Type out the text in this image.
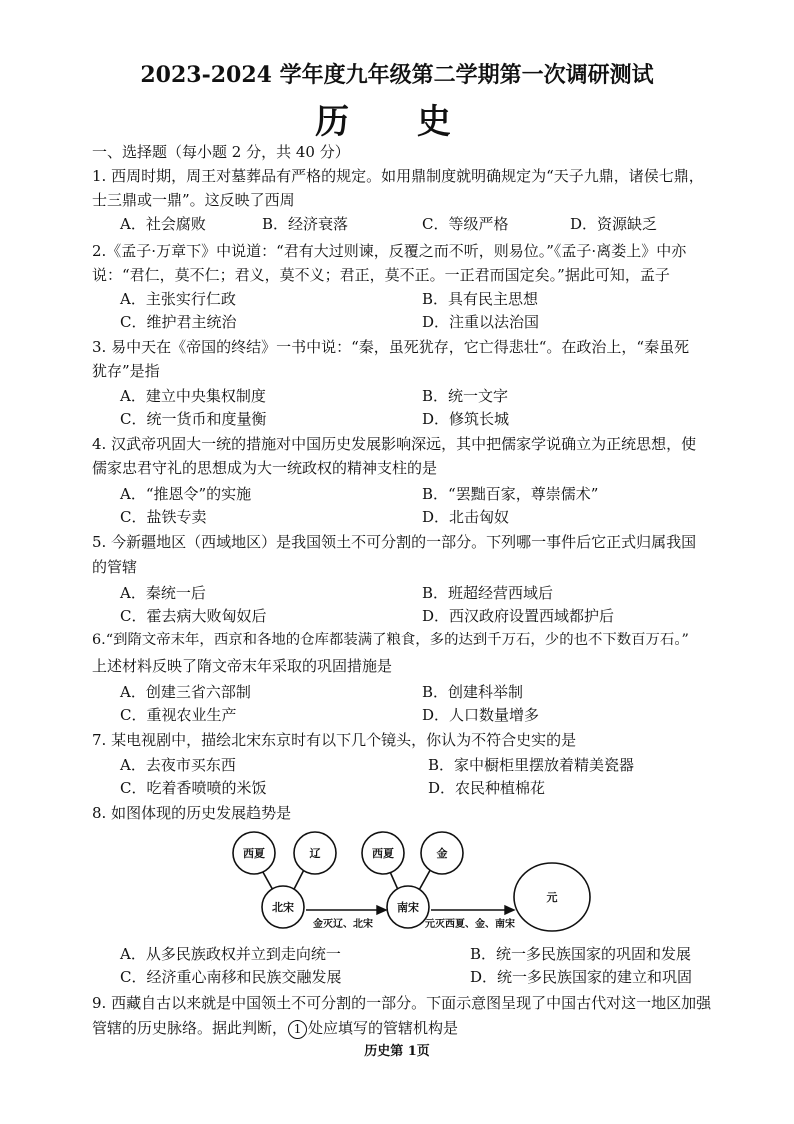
2023-2024 学年度九年级第二学期第一次调研测试
历 史
一、选择题（每小题 2 分，共 40 分）
1. 西周时期，周王对墓葬品有严格的规定。如用鼎制度就明确规定为“天子九鼎，诸侯七鼎，
士三鼎或一鼎”。这反映了西周
A．社会腐败	B．经济衰落	C．等级严格	D．资源缺乏
2.《孟子·万章下》中说道：“君有大过则谏，反覆之而不听，则易位。”《孟子·离娄上》中亦
说：“君仁，莫不仁；君义，莫不义；君正，莫不正。一正君而国定矣。”据此可知，孟子
A．主张实行仁政	B．具有民主思想
C．维护君主统治	D．注重以法治国
3. 易中天在《帝国的终结》一书中说：“秦，虽死犹存，它亡得悲壮“。在政治上，“秦虽死
犹存”是指
A．建立中央集权制度	B．统一文字
C．统一货币和度量衡	D．修筑长城
4. 汉武帝巩固大一统的措施对中国历史发展影响深远，其中把儒家学说确立为正统思想，使
儒家忠君守礼的思想成为大一统政权的精神支柱的是
A．“推恩令”的实施	B．“罢黜百家，尊崇儒术”
C．盐铁专卖	D．北击匈奴
5. 今新疆地区（西域地区）是我国领土不可分割的一部分。下列哪一事件后它正式归属我国
的管辖
A．秦统一后	B．班超经营西域后
C．霍去病大败匈奴后	D．西汉政府设置西域都护后
6.“到隋文帝末年，西京和各地的仓库都装满了粮食，多的达到千万石，少的也不下数百万石。”
上述材料反映了隋文帝末年采取的巩固措施是
A．创建三省六部制	B．创建科举制
C．重视农业生产	D．人口数量增多
7. 某电视剧中，描绘北宋东京时有以下几个镜头，你认为不符合史实的是
A．去夜市买东西	B．家中橱柜里摆放着精美瓷器
C．吃着香喷喷的米饭	D．农民种植棉花
8. 如图体现的历史发展趋势是
西夏	辽
北宋
西夏	金
南宋
元
金灭辽、北宋	元灭西夏、金、南宋
A．从多民族政权并立到走向统一	B．统一多民族国家的巩固和发展
C．经济重心南移和民族交融发展	D．统一多民族国家的建立和巩固
9. 西藏自古以来就是中国领土不可分割的一部分。下面示意图呈现了中国古代对这一地区加强
管辖的历史脉络。据此判断， 1 处应填写的管辖机构是
历史第 1页
